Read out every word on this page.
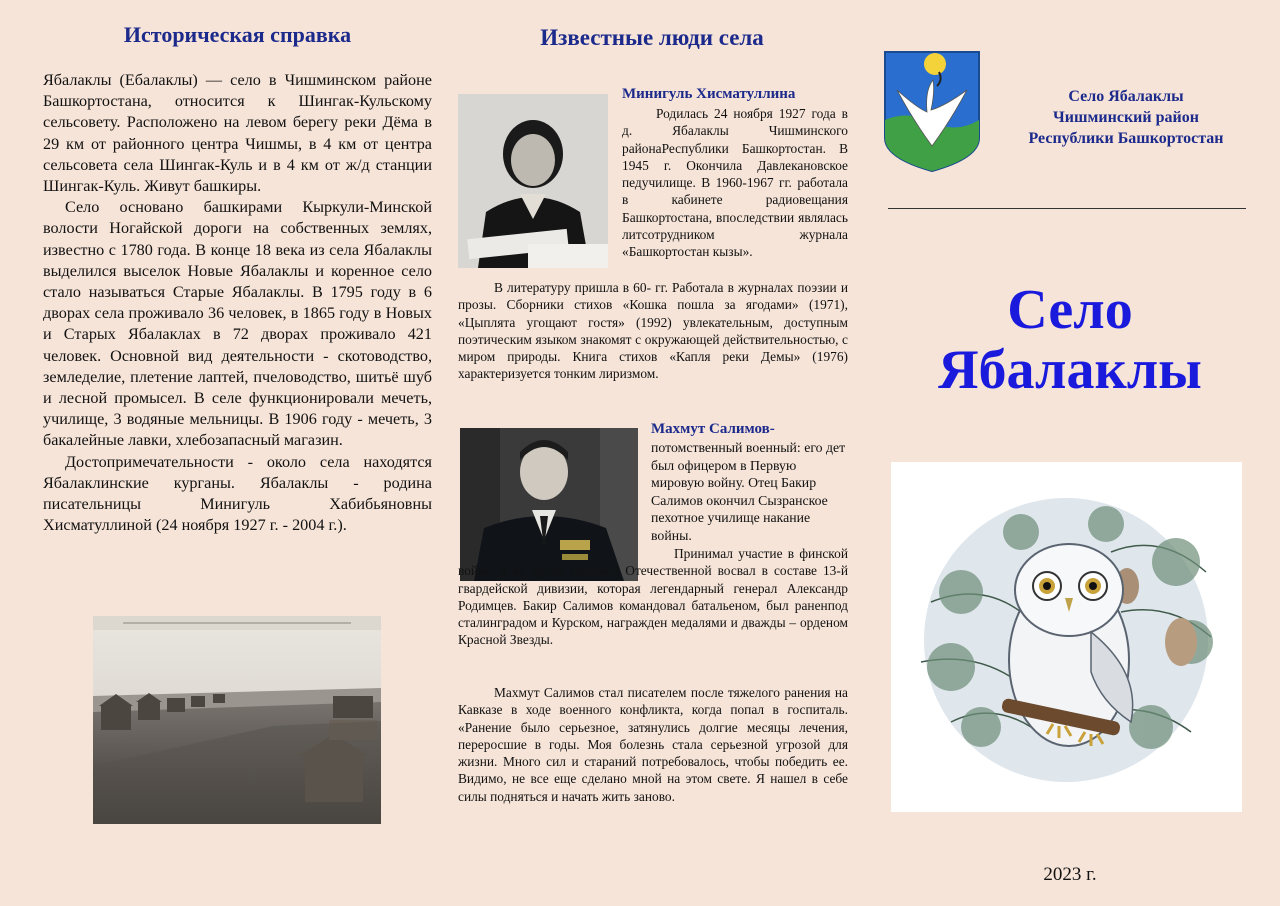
Историческая справка

Ябалаклы (Ебалаклы) — село в Чишминском районе Башкортостана, относится к Шингак-Кульскому сельсовету. Расположено на левом берегу реки Дёма в 29 км от районного центра Чишмы, в 4 км от центра сельсовета села Шингак-Куль и в 4 км от ж/д станции Шингак-Куль. Живут башкиры.

Село основано башкирами Кыркули-Минской волости Ногайской дороги на собственных землях, известно с 1780 года. В конце 18 века из села Ябалаклы выделился выселок Новые Ябалаклы и коренное село стало называться Старые Ябалаклы. В 1795 году в 6 дворах села проживало 36 человек, в 1865 году в Новых и Старых Ябалаклах в 72 дворах проживало 421 человек. Основной вид деятельности - скотоводство, земледелие, плетение лаптей, пчеловодство, шитьё шуб и лесной промысел. В селе функционировали мечеть, училище, 3 водяные мельницы. В 1906 году - мечеть, 3 бакалейные лавки, хлебозапасный магазин.

Достопримечательности - около села находятся Ябалаклинские курганы. Ябалаклы - родина писательницы Минигуль Хабибьяновны Хисматуллиной (24 ноября 1927 г. - 2004 г.).

Известные люди села

Минигуль Хисматуллина

Родилась 24 ноября 1927 года в д. Ябалаклы Чишминского районаРеспублики Башкортостан. В 1945 г. Окончила Давлекановское педучилище. В 1960-1967 гг. работала в кабинете радиовещания Башкортостана, впоследствии являлась литсотрудником журнала «Башкортостан кызы».

В литературу пришла в 60- гг. Работала в журналах поэзии и прозы. Сборники стихов «Кошка пошла за ягодами» (1971), «Цыплята угощают гостя» (1992) увлекательным, доступным поэтическим языком знакомят с окружающей действительностью, с миром природы. Книга стихов «Капля реки Демы» (1976) характеризуется тонким лиризмом.

Махмут Салимов-

потомственный военный: его дет был офицером в Первую мировую войну. Отец Бакир Салимов окончил Сызранское пехотное училище накание войны.

Принимал участие в финской войне, а во время Великой Отечественной восвал в составе 13-й гвардейской дивизии, которая легендарный генерал Александр Родимцев. Бакир Салимов командовал батальеном, был раненпод сталинградом и Курском, награжден медалями и дважды – орденом Красной Звезды.

Махмут Салимов стал писателем после тяжелого ранения на Кавказе в ходе военного конфликта, когда попал в госпиталь. «Ранение было серьезное, затянулись долгие месяцы лечения, переросшие в годы. Моя болезнь стала серьезной угрозой для жизни. Много сил и стараний потребовалось, чтобы победить ее. Видимо, не все еще сделано мной на этом свете. Я нашел в себе силы подняться и начать жить заново.

Село Ябалаклы
Чишминский район
Республики Башкортостан
Село
Ябалаклы
2023 г.
